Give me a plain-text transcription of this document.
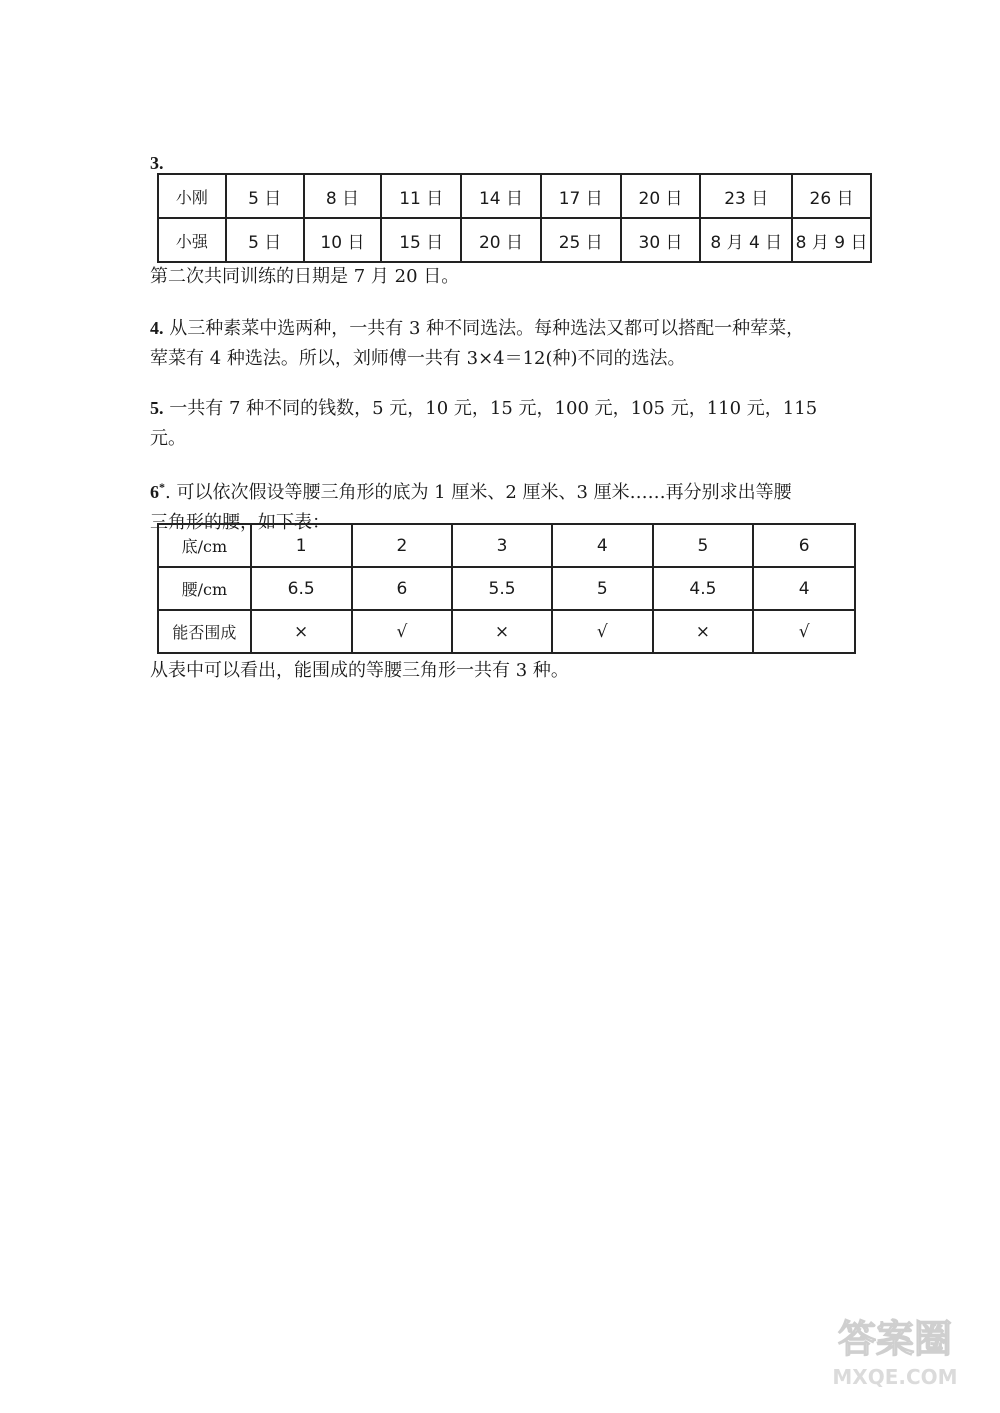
3.
小刚	5 日	8 日	11 日	14 日	17 日	20 日	23 日	26 日
小强	5 日	10 日	15 日	20 日	25 日	30 日	8 月 4 日	8 月 9 日
第二次共同训练的日期是 7 月 20 日。
4. 从三种素菜中选两种，一共有 3 种不同选法。每种选法又都可以搭配一种荤菜，
荤菜有 4 种选法。所以，刘师傅一共有 3×4＝12(种)不同的选法。
5. 一共有 7 种不同的钱数，5 元，10 元，15 元，100 元，105 元，110 元，115
元。
6*. 可以依次假设等腰三角形的底为 1 厘米、2 厘米、3 厘米……再分别求出等腰
三角形的腰，如下表：
底/cm	1	2	3	4	5	6
腰/cm	6.5	6	5.5	5	4.5	4
能否围成	×	√	×	√	×	√
从表中可以看出，能围成的等腰三角形一共有 3 种。
答案圈
MXQE.COM
